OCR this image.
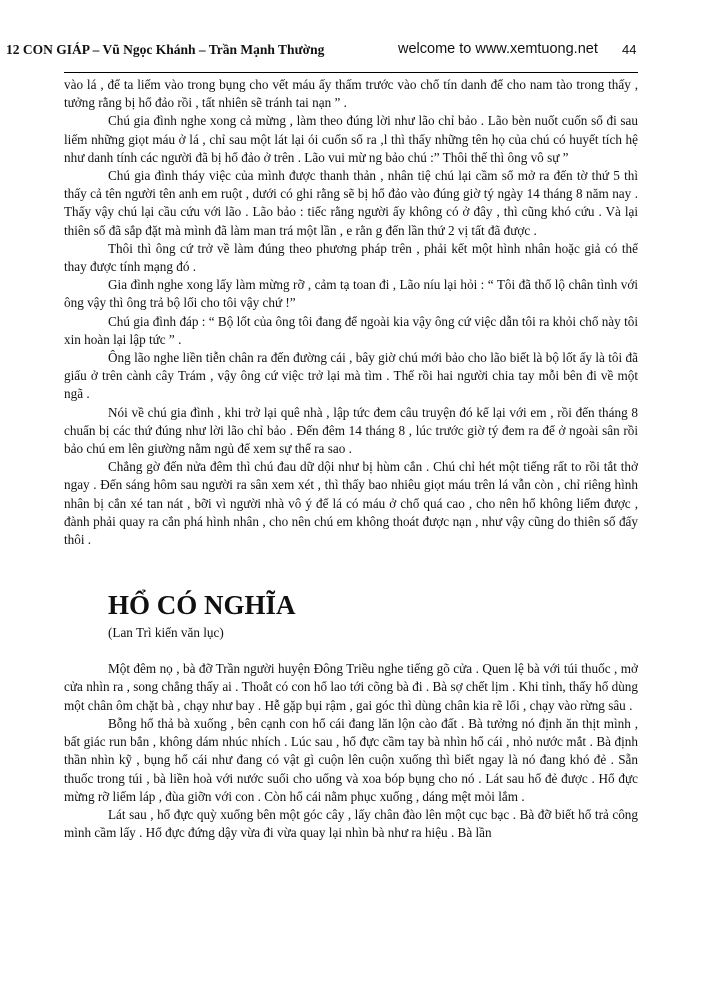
12 CON GIÁP – Vũ Ngọc Khánh – Trần Mạnh Thường	welcome to www.xemtuong.net 44

vào lá , để ta liếm vào trong bụng cho vết máu ấy thấm trước vào chổ tín danh để cho nam tào trong thấy , tưởng rằng bị hổ đảo rồi , tất nhiên sẽ tránh tai nạn ” .

Chú gia đình nghe xong cả mừng , làm theo đúng lời như lão chỉ bảo . Lão bèn nuốt cuốn sổ đi sau liếm những giọt máu ở lá , chỉ sau một lát lại ói cuốn sổ ra ,l thì thấy những tên họ của chú có huyết tích hệ như danh tính các người đã bị hổ đảo ở trên . Lão vui mừ ng bảo chú :” Thôi thế thì ông vô sự ”

Chú gia đình tháy việc của mình được thanh thản , nhân tiệ chú lại cầm sổ mở ra đến tờ thứ 5 thì thấy cả tên người tên anh em ruột , dưới có ghi rằng sẽ bị hổ đảo vào đúng giờ tý ngày 14 tháng 8 năm nay . Thấy vậy chú lại cầu cứu với lão . Lão bảo : tiếc rằng người ấy không có ở đây , thì cũng khó cứu . Và lại thiên số đã sắp đặt mà mình đã làm man trá một lần , e rằn g đến lần thứ 2 vị tất đã được .

Thôi thì ông cứ trở về làm đúng theo phương pháp trên , phải kết một hình nhân hoặc giả có thể thay được tính mạng đó .

Gia đình nghe xong lấy làm mừng rỡ , cảm tạ toan đi , Lão níu lại hỏi : “ Tôi đã thổ lộ chân tình với ông vậy thì ông trả bộ lối cho tôi vậy chứ !”

Chú gia đình đáp : “ Bộ lốt của ông tôi đang để ngoài kia vậy ông cứ việc dẫn tôi ra khỏi chổ này tôi xin hoàn lại lập tức ” .

Ông lão nghe liền tiễn chân ra đến đường cái , bây giờ chú mới bảo cho lão biết là bộ lốt ấy là tôi đã giấu ở trên cành cây Trám , vậy ông cứ việc trở lại mà tìm . Thế rồi hai người chia tay mỗi bên đi về một ngã .

Nói về chú gia đình , khi trở lại quê nhà , lập tức đem câu truyện đó kể lại với em , rồi đến tháng 8 chuẩn bị các thứ đúng như lời lão chỉ bảo . Đến đêm 14 tháng 8 , lúc trước giờ tý đem ra để ở ngoài sân rồi bảo chú em lên giường nằm ngủ để xem sự thể ra sao .

Chẳng gờ đến nửa đêm thì chú đau dữ dội như bị hùm cắn . Chú chỉ hét một tiếng rất to rồi tắt thở ngay . Đến sáng hôm sau người ra sân xem xét , thì thấy bao nhiêu giọt máu trên lá vẫn còn , chỉ riêng hình nhân bị cắn xé tan nát , bỡi vì người nhà vô ý để lá có máu ở chổ quá cao , cho nên hổ không liếm được , đành phải quay ra cắn phá hình nhân , cho nên chú em không thoát được nạn , như vậy cũng do thiên số đấy thôi .

HỔ CÓ NGHĨA
(Lan Trì kiến văn lục)

Một đêm nọ , bà đỡ Trần người huyện Đông Triều nghe tiếng gõ cửa . Quen lệ bà với túi thuốc , mở cửa nhìn ra , song chẳng thấy ai . Thoắt có con hổ lao tới cõng bà đi . Bà sợ chết lịm . Khi tỉnh, thấy hổ dùng một chân ôm chặt bà , chạy như bay . Hễ gặp bụi rậm , gai góc thì dùng chân kia rẽ lối , chạy vào rừng sâu .

Bỗng hổ thả bà xuống , bên cạnh con hổ cái đang lăn lộn cào đất . Bà tưởng nó định ăn thịt mình , bất giác run bắn , không dám nhúc nhích . Lúc sau , hổ đực cầm tay bà nhìn hổ cái , nhỏ nước mắt . Bà định thần nhìn kỹ , bụng hổ cái như đang có vật gì cuộn lên cuộn xuống thì biết ngay là nó đang khó đẻ . Sẵn thuốc trong túi , bà liền hoà với nước suối cho uống và xoa bóp bụng cho nó . Lát sau hổ đẻ được . Hổ đực mừng rỡ liếm láp , đùa giỡn với con . Còn hổ cái nằm phục xuống , dáng mệt mỏi lắm .

Lát sau , hổ đực quỳ xuống bên một góc cây , lấy chân đào lên một cục bạc . Bà đỡ biết hổ trả công mình cầm lấy . Hổ đực đứng dậy vừa đi vừa quay lại nhìn bà như ra hiệu . Bà lần
